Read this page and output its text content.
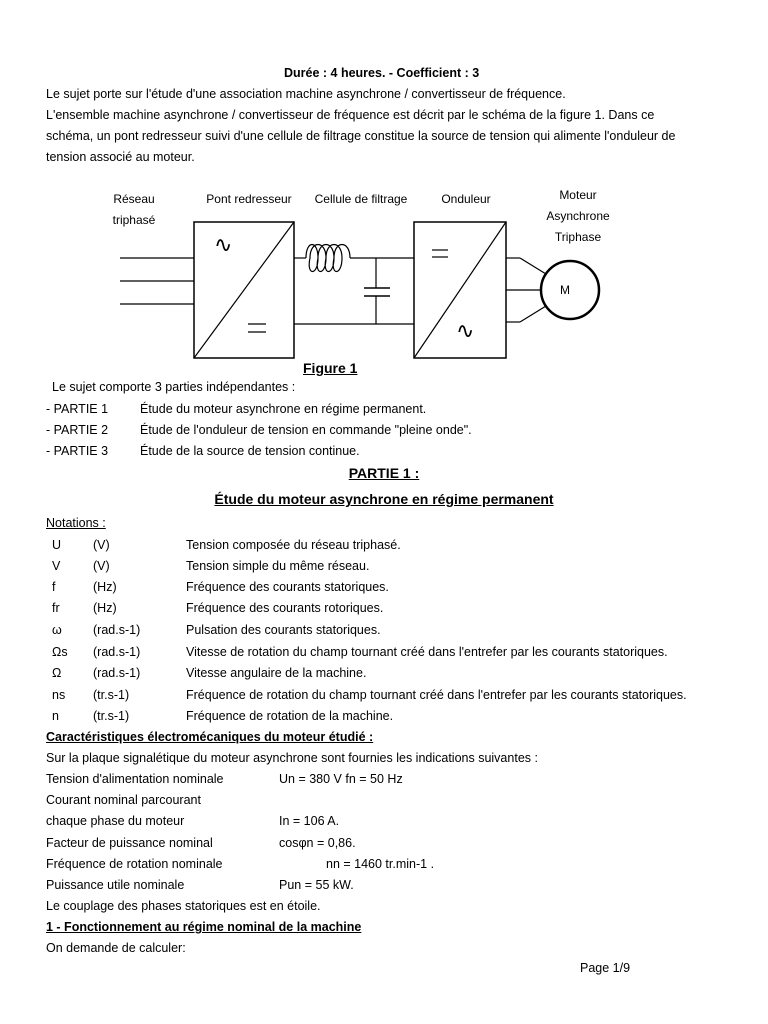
Durée : 4 heures. - Coefficient : 3
Le sujet porte sur l'étude d'une association machine asynchrone / convertisseur de fréquence.
L'ensemble machine asynchrone / convertisseur de fréquence est décrit par le schéma de la figure 1. Dans ce
schéma, un pont redresseur suivi d'une cellule de filtrage constitue la source de tension qui alimente l'onduleur de
tension associé au moteur.
Réseau
triphasé
Pont redresseur	Cellule de filtrage	Onduleur	Moteur
Asynchrone
Triphase
∿
∿
M
Figure 1
Le sujet comporte 3 parties indépendantes :
- PARTIE 1	Étude du moteur asynchrone en régime permanent.
- PARTIE 2	Étude de l'onduleur de tension en commande "pleine onde".
- PARTIE 3	Étude de la source de tension continue.
PARTIE 1 :
Étude du moteur asynchrone en régime permanent
Notations :
U	(V)	Tension composée du réseau triphasé.
V	(V)	Tension simple du même réseau.
f	(Hz)	Fréquence des courants statoriques.
fr	(Hz)	Fréquence des courants rotoriques.
ω (rad.s-1)	Pulsation des courants statoriques.
Ωs (rad.s-1)	Vitesse de rotation du champ tournant créé dans l'entrefer par les courants statoriques.
Ω	(rad.s-1)	Vitesse angulaire de la machine.
ns (tr.s-1)	Fréquence de rotation du champ tournant créé dans l'entrefer par les courants statoriques.
n	(tr.s-1)	Fréquence de rotation de la machine.
Caractéristiques électromécaniques du moteur étudié :
Sur la plaque signalétique du moteur asynchrone sont fournies les indications suivantes :
Tension d'alimentation nominale	Un = 380 V fn = 50 Hz
Courant nominal parcourant
chaque phase du moteur	In = 106 A.
Facteur de puissance nominal	cosφn = 0,86.
Fréquence de rotation nominale	nn = 1460 tr.min-1 .
Puissance utile nominale	Pun = 55 kW.
Le couplage des phases statoriques est en étoile.
1 - Fonctionnement au régime nominal de la machine
On demande de calculer:
Page 1/9
